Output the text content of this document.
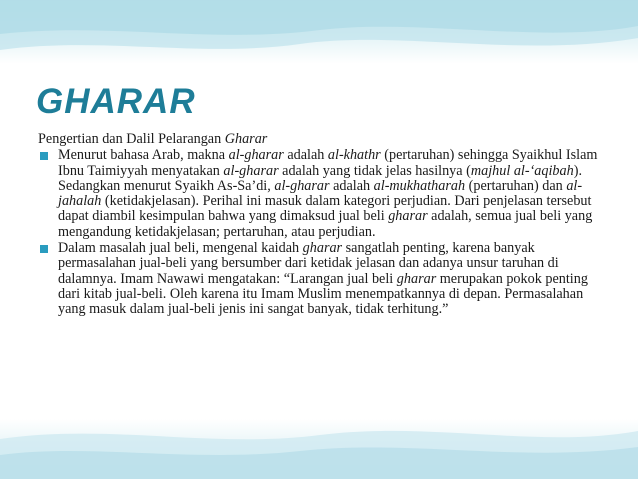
GHARAR
Pengertian dan Dalil Pelarangan Gharar

Menurut bahasa Arab, makna al-gharar adalah al-khathr (pertaruhan) sehingga Syaikhul Islam Ibnu Taimiyyah menyatakan al-gharar adalah yang tidak jelas hasilnya (majhul al-‘aqibah). Sedangkan menurut Syaikh As-Sa’di, al-gharar adalah al-mukhatharah (pertaruhan) dan al-jahalah (ketidakjelasan). Perihal ini masuk dalam kategori perjudian. Dari penjelasan tersebut dapat diambil kesimpulan bahwa yang dimaksud jual beli gharar adalah, semua jual beli yang mengandung ketidakjelasan; pertaruhan, atau perjudian.

Dalam masalah jual beli, mengenal kaidah gharar sangatlah penting, karena banyak permasalahan jual-beli yang bersumber dari ketidak jelasan dan adanya unsur taruhan di dalamnya. Imam Nawawi mengatakan: “Larangan jual beli gharar merupakan pokok penting dari kitab jual-beli. Oleh karena itu Imam Muslim menempatkannya di depan. Permasalahan yang masuk dalam jual-beli jenis ini sangat banyak, tidak terhitung.”
